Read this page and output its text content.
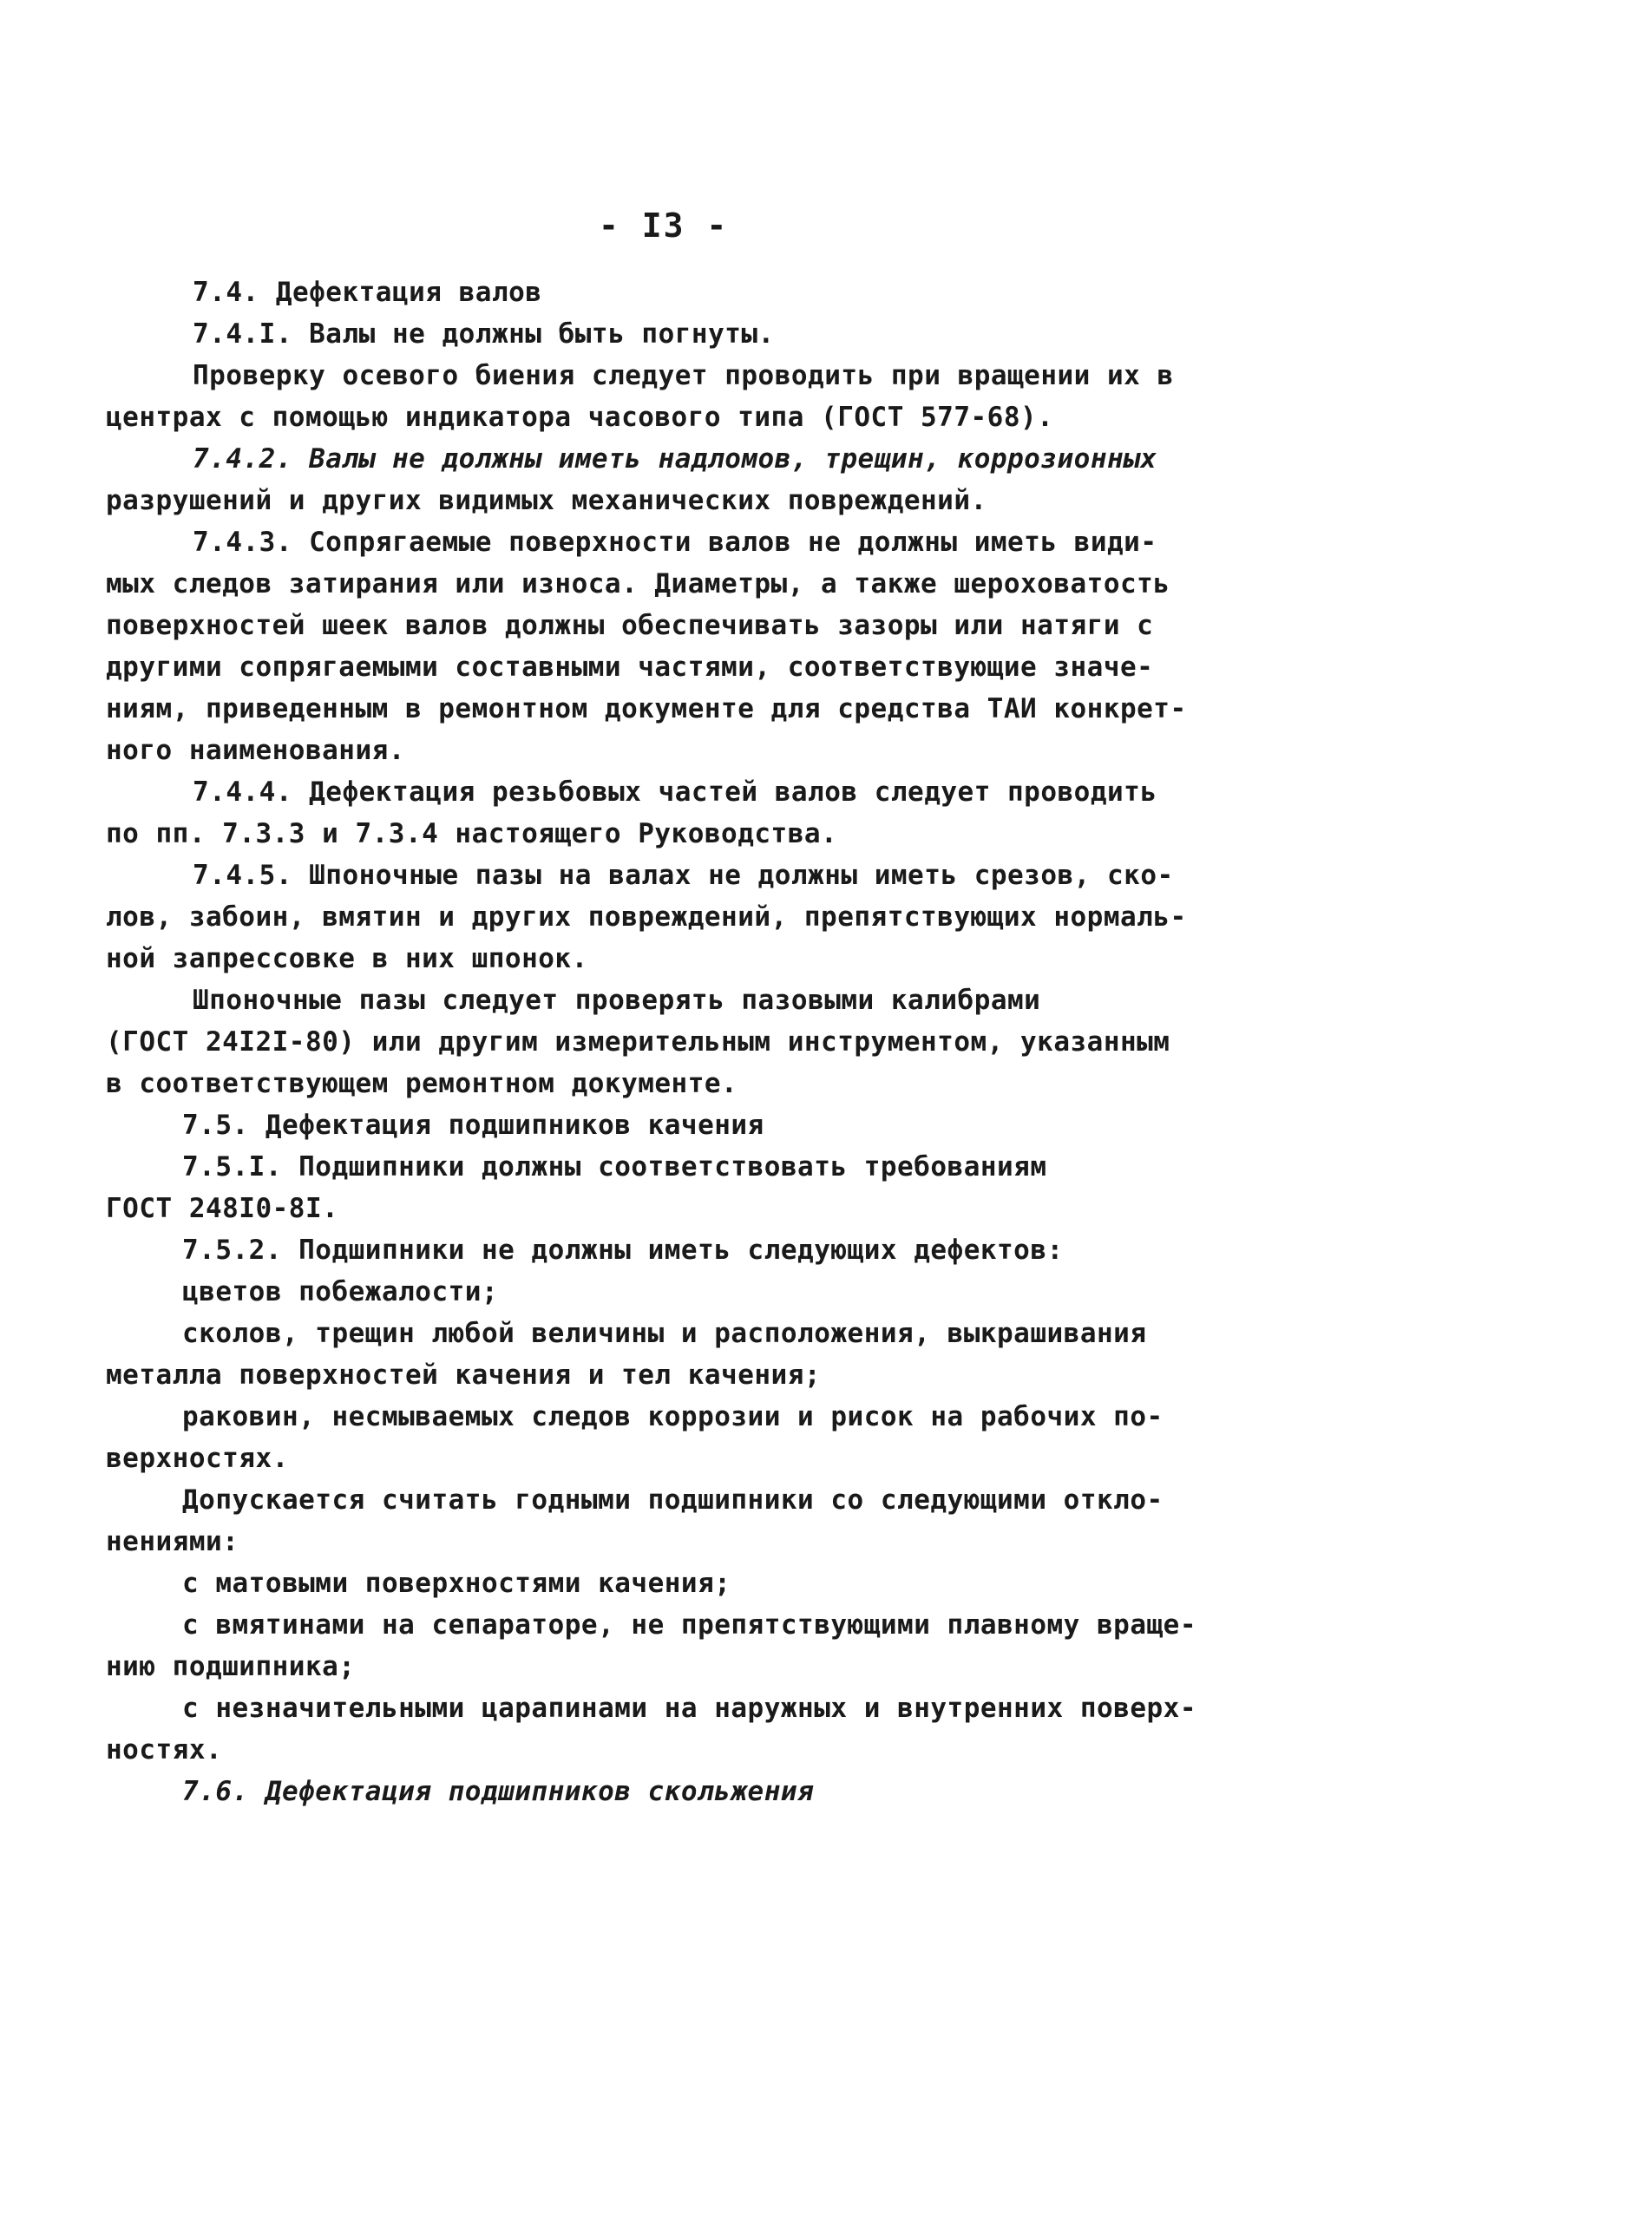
- I3 -
7.4. Дефектация валов
7.4.I. Валы не должны быть погнуты.
Проверку осевого биения следует проводить при вращении их в
центрах с помощью индикатора часового типа (ГОСТ 577-68).
7.4.2. Валы не должны иметь надломов, трещин, коррозионных
разрушений и других видимых механических повреждений.
7.4.3. Сопрягаемые поверхности валов не должны иметь види-
мых следов затирания или износа. Диаметры, а также шероховатость
поверхностей шеек валов должны обеспечивать зазоры или натяги с
другими сопрягаемыми составными частями, соответствующие значе-
ниям, приведенным в ремонтном документе для средства ТАИ конкрет-
ного наименования.
7.4.4. Дефектация резьбовых частей валов следует проводить
по пп. 7.3.3 и 7.3.4 настоящего Руководства.
7.4.5. Шпоночные пазы на валах не должны иметь срезов, ско-
лов, забоин, вмятин и других повреждений, препятствующих нормаль-
ной запрессовке в них шпонок.
Шпоночные пазы следует проверять пазовыми калибрами
(ГОСТ 24I2I-80) или другим измерительным инструментом, указанным
в соответствующем ремонтном документе.
7.5. Дефектация подшипников качения
7.5.I. Подшипники должны соответствовать требованиям
ГОСТ 248I0-8I.
7.5.2. Подшипники не должны иметь следующих дефектов:
цветов побежалости;
сколов, трещин любой величины и расположения, выкрашивания
металла поверхностей качения и тел качения;
раковин, несмываемых следов коррозии и рисок на рабочих по-
верхностях.
Допускается считать годными подшипники со следующими откло-
нениями:
с матовыми поверхностями качения;
с вмятинами на сепараторе, не препятствующими плавному враще-
нию подшипника;
с незначительными царапинами на наружных и внутренних поверх-
ностях.
7.6. Дефектация подшипников скольжения
